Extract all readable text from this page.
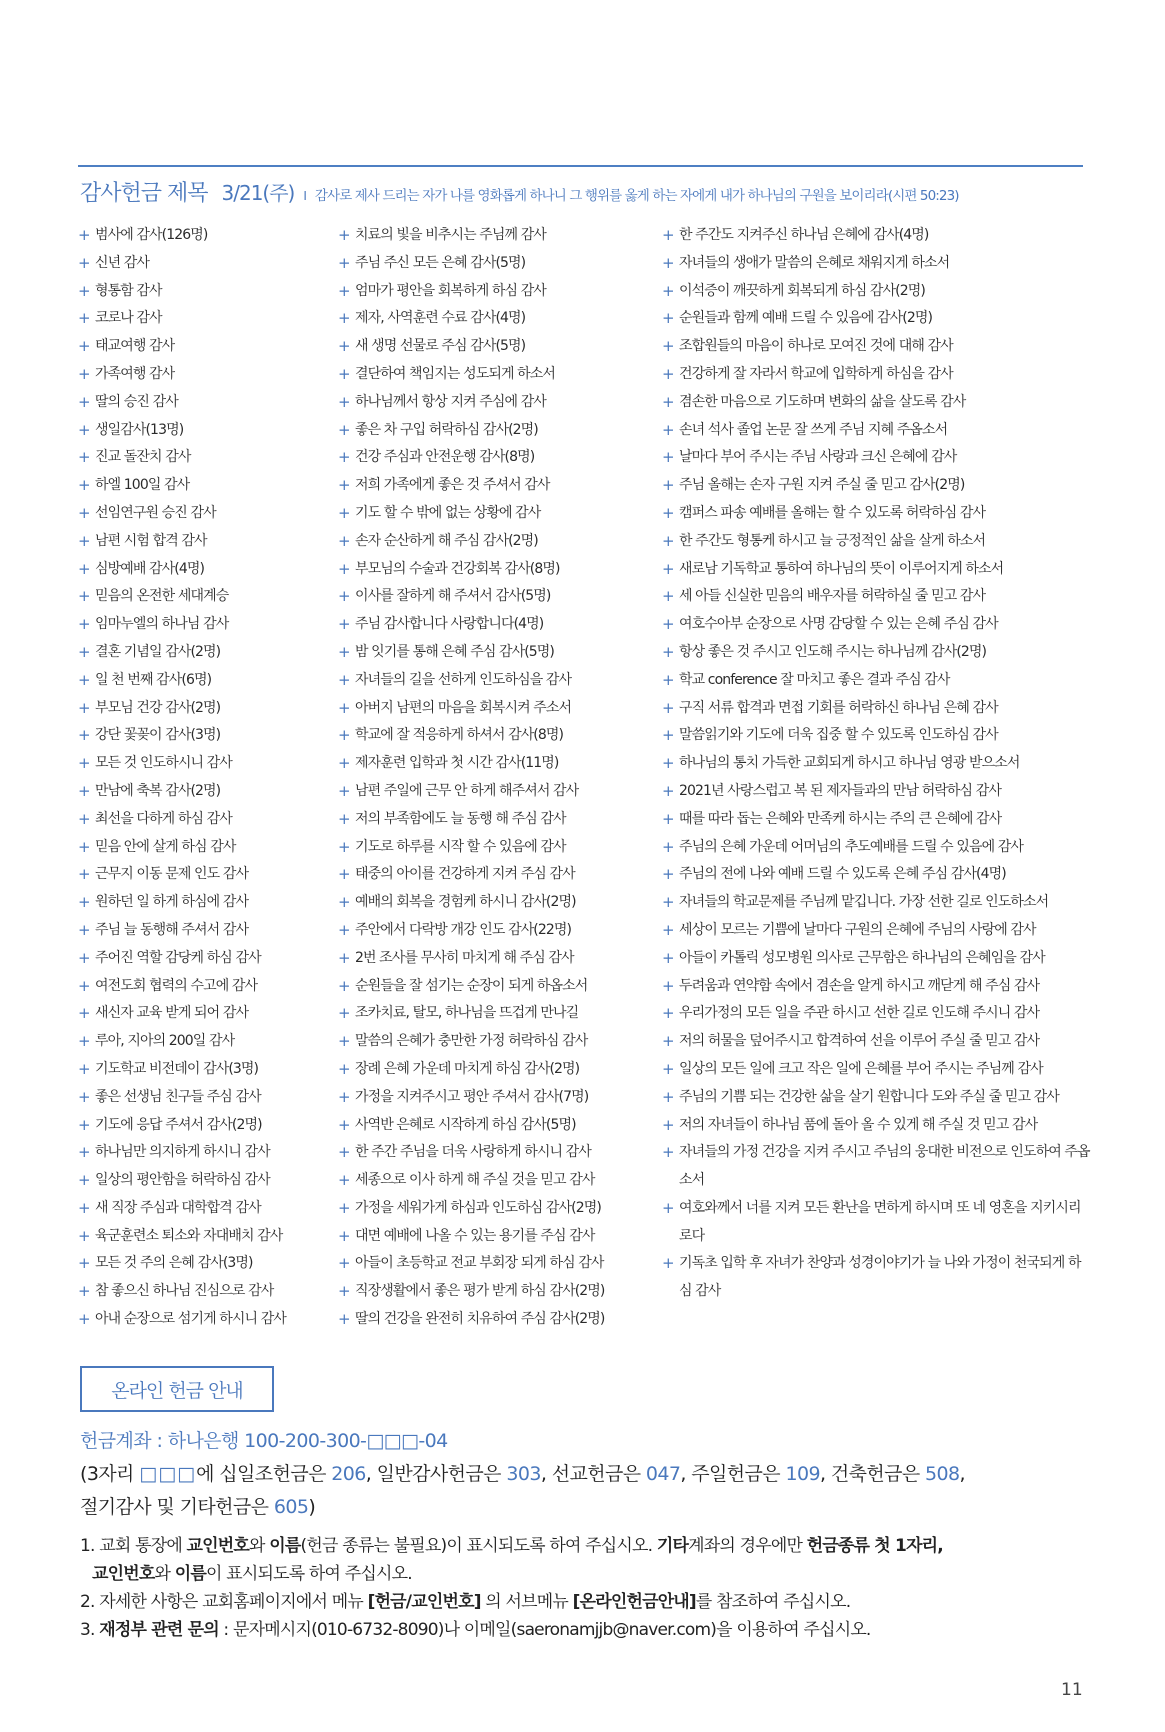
감사헌금 제목 3/21(주) I 감사로 제사 드리는 자가 나를 영화롭게 하나니 그 행위를 옳게 하는 자에게 내가 하나님의 구원을 보이리라(시편 50:23)
+ 범사에 감사(126명)
+ 신년 감사
+ 형통함 감사
+ 코로나 감사
+ 태교여행 감사
+ 가족여행 감사
+ 딸의 승진 감사
+ 생일감사(13명)
+ 진교 돌잔치 감사
+ 하엘 100일 감사
+ 선임연구원 승진 감사
+ 남편 시험 합격 감사
+ 심방예배 감사(4명)
+ 믿음의 온전한 세대계승
+ 임마누엘의 하나님 감사
+ 결혼 기념일 감사(2명)
+ 일 천 번째 감사(6명)
+ 부모님 건강 감사(2명)
+ 강단 꽃꽂이 감사(3명)
+ 모든 것 인도하시니 감사
+ 만남에 축복 감사(2명)
+ 최선을 다하게 하심 감사
+ 믿음 안에 살게 하심 감사
+ 근무지 이동 문제 인도 감사
+ 원하던 일 하게 하심에 감사
+ 주님 늘 동행해 주셔서 감사
+ 주어진 역할 감당케 하심 감사
+ 여전도회 협력의 수고에 감사
+ 새신자 교육 받게 되어 감사
+ 루아, 지아의 200일 감사
+ 기도학교 비전데이 감사(3명)
+ 좋은 선생님 친구들 주심 감사
+ 기도에 응답 주셔서 감사(2명)
+ 하나님만 의지하게 하시니 감사
+ 일상의 평안함을 허락하심 감사
+ 새 직장 주심과 대학합격 감사
+ 육군훈련소 퇴소와 자대배치 감사
+ 모든 것 주의 은혜 감사(3명)
+ 참 좋으신 하나님 진심으로 감사
+ 아내 순장으로 섬기게 하시니 감사
+ 치료의 빛을 비추시는 주님께 감사
+ 주님 주신 모든 은혜 감사(5명)
+ 엄마가 평안을 회복하게 하심 감사
+ 제자, 사역훈련 수료 감사(4명)
+ 새 생명 선물로 주심 감사(5명)
+ 결단하여 책임지는 성도되게 하소서
+ 하나님께서 항상 지켜 주심에 감사
+ 좋은 차 구입 허락하심 감사(2명)
+ 건강 주심과 안전운행 감사(8명)
+ 저희 가족에게 좋은 것 주셔서 감사
+ 기도 할 수 밖에 없는 상황에 감사
+ 손자 순산하게 해 주심 감사(2명)
+ 부모님의 수술과 건강회복 감사(8명)
+ 이사를 잘하게 해 주셔서 감사(5명)
+ 주님 감사합니다 사랑합니다(4명)
+ 밤 잇기를 통해 은혜 주심 감사(5명)
+ 자녀들의 길을 선하게 인도하심을 감사
+ 아버지 남편의 마음을 회복시켜 주소서
+ 학교에 잘 적응하게 하셔서 감사(8명)
+ 제자훈련 입학과 첫 시간 감사(11명)
+ 남편 주일에 근무 안 하게 해주셔서 감사
+ 저의 부족함에도 늘 동행 해 주심 감사
+ 기도로 하루를 시작 할 수 있음에 감사
+ 태중의 아이를 건강하게 지켜 주심 감사
+ 예배의 회복을 경험케 하시니 감사(2명)
+ 주안에서 다락방 개강 인도 감사(22명)
+ 2번 조사를 무사히 마치게 해 주심 감사
+ 순원들을 잘 섬기는 순장이 되게 하옵소서
+ 조카치료, 탈모, 하나님을 뜨겁게 만나길
+ 말씀의 은혜가 충만한 가정 허락하심 감사
+ 장례 은혜 가운데 마치게 하심 감사(2명)
+ 가정을 지켜주시고 평안 주셔서 감사(7명)
+ 사역반 은혜로 시작하게 하심 감사(5명)
+ 한 주간 주님을 더욱 사랑하게 하시니 감사
+ 세종으로 이사 하게 해 주실 것을 믿고 감사
+ 가정을 세워가게 하심과 인도하심 감사(2명)
+ 대면 예배에 나올 수 있는 용기를 주심 감사
+ 아들이 초등학교 전교 부회장 되게 하심 감사
+ 직장생활에서 좋은 평가 받게 하심 감사(2명)
+ 딸의 건강을 완전히 치유하여 주심 감사(2명)
+ 한 주간도 지켜주신 하나님 은혜에 감사(4명)
+ 자녀들의 생애가 말씀의 은혜로 채워지게 하소서
+ 이석증이 깨끗하게 회복되게 하심 감사(2명)
+ 순원들과 함께 예배 드릴 수 있음에 감사(2명)
+ 조합원들의 마음이 하나로 모여진 것에 대해 감사
+ 건강하게 잘 자라서 학교에 입학하게 하심을 감사
+ 겸손한 마음으로 기도하며 변화의 삶을 살도록 감사
+ 손녀 석사 졸업 논문 잘 쓰게 주님 지혜 주옵소서
+ 날마다 부어 주시는 주님 사랑과 크신 은혜에 감사
+ 주님 올해는 손자 구원 지켜 주실 줄 믿고 감사(2명)
+ 캠퍼스 파송 예배를 올해는 할 수 있도록 허락하심 감사
+ 한 주간도 형통케 하시고 늘 긍정적인 삶을 살게 하소서
+ 새로남 기독학교 통하여 하나님의 뜻이 이루어지게 하소서
+ 세 아들 신실한 믿음의 배우자를 허락하실 줄 믿고 감사
+ 여호수아부 순장으로 사명 감당할 수 있는 은혜 주심 감사
+ 항상 좋은 것 주시고 인도해 주시는 하나님께 감사(2명)
+ 학교 conference 잘 마치고 좋은 결과 주심 감사
+ 구직 서류 합격과 면접 기회를 허락하신 하나님 은혜 감사
+ 말씀읽기와 기도에 더욱 집중 할 수 있도록 인도하심 감사
+ 하나님의 통치 가득한 교회되게 하시고 하나님 영광 받으소서
+ 2021년 사랑스럽고 복 된 제자들과의 만남 허락하심 감사
+ 때를 따라 돕는 은혜와 만족케 하시는 주의 큰 은혜에 감사
+ 주님의 은혜 가운데 어머님의 추도예배를 드릴 수 있음에 감사
+ 주님의 전에 나와 예배 드릴 수 있도록 은혜 주심 감사(4명)
+ 자녀들의 학교문제를 주님께 맡깁니다. 가장 선한 길로 인도하소서
+ 세상이 모르는 기쁨에 날마다 구원의 은혜에 주님의 사랑에 감사
+ 아들이 카톨릭 성모병원 의사로 근무함은 하나님의 은혜임을 감사
+ 두려움과 연약함 속에서 겸손을 알게 하시고 깨닫게 해 주심 감사
+ 우리가정의 모든 일을 주관 하시고 선한 길로 인도해 주시니 감사
+ 저의 허물을 덮어주시고 합격하여 선을 이루어 주실 줄 믿고 감사
+ 일상의 모든 일에 크고 작은 일에 은혜를 부어 주시는 주님께 감사
+ 주님의 기쁨 되는 건강한 삶을 살기 원합니다 도와 주실 줄 믿고 감사
+ 저의 자녀들이 하나님 품에 돌아 올 수 있게 해 주실 것 믿고 감사
+ 자녀들의 가정 건강을 지켜 주시고 주님의 웅대한 비전으로 인도하여 주옵소서
+ 여호와께서 너를 지켜 모든 환난을 면하게 하시며 또 네 영혼을 지키시리로다
+ 기독초 입학 후 자녀가 찬양과 성경이야기가 늘 나와 가정이 천국되게 하심 감사
온라인 헌금 안내
헌금계좌 : 하나은행 100-200-300-□□□-04
(3자리 □□□에 십일조헌금은 206, 일반감사헌금은 303, 선교헌금은 047, 주일헌금은 109, 건축헌금은 508,
절기감사 및 기타헌금은 605)

1. 교회 통장에 교인번호와 이름(헌금 종류는 불필요)이 표시되도록 하여 주십시오. 기타계좌의 경우에만 헌금종류 첫 1자리,

교인번호와 이름이 표시되도록 하여 주십시오.

2. 자세한 사항은 교회홈페이지에서 메뉴 [헌금/교인번호] 의 서브메뉴 [온라인헌금안내]를 참조하여 주십시오.

3. 재정부 관련 문의 : 문자메시지(010-6732-8090)나 이메일(saeronamjjb@naver.com)을 이용하여 주십시오.

11
